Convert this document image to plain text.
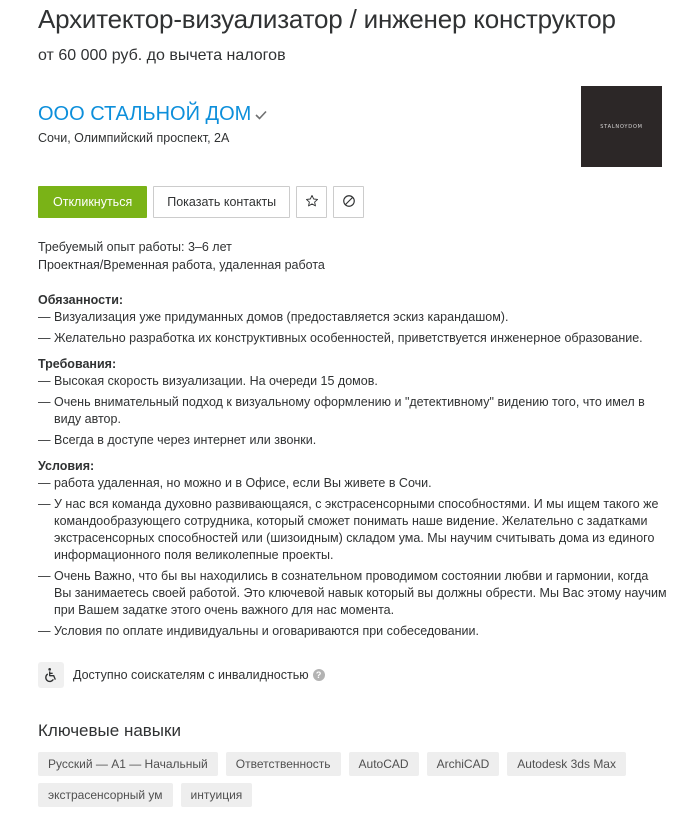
Архитектор-визуализатор / инженер конструктор
от 60 000 руб. до вычета налогов
ООО СТАЛЬНОЙ ДОМ
Сочи, Олимпийский проспект, 2А
STALNOYDOM
Откликнуться	Показать контакты
Требуемый опыт работы: 3–6 лет
Проектная/Временная работа, удаленная работа

Обязанности:

— Визуализация уже придуманных домов (предоставляется эскиз карандашом).
— Желательно разработка их конструктивных особенностей, приветствуется инженерное образование.

Требования:

— Высокая скорость визуализации. На очереди 15 домов.
— Очень внимательный подход к визуальному оформлению и "детективному" видению того, что имел в виду автор.
— Всегда в доступе через интернет или звонки.

Условия:

— работа удаленная, но можно и в Офисе, если Вы живете в Сочи.
— У нас вся команда духовно развивающаяся, с экстрасенсорными способностями. И мы ищем такого же командообразующего сотрудника, который сможет понимать наше видение. Желательно с задатками экстрасенсорных способностей или (шизоидным) складом ума. Мы научим считывать дома из единого информационного поля великолепные проекты.
— Очень Важно, что бы вы находились в сознательном проводимом состоянии любви и гармонии, когда Вы занимаетесь своей работой. Это ключевой навык который вы должны обрести. Мы Вас этому научим при Вашем задатке этого очень важного для нас момента.
— Условия по оплате индивидуальны и оговариваются при собеседовании.
Доступно соискателям с инвалидностью ?
Ключевые навыки
Русский — A1 — Начальный	Ответственность	AutoCAD	ArchiCAD	Autodesk 3ds Max
экстрасенсорный ум	интуиция
